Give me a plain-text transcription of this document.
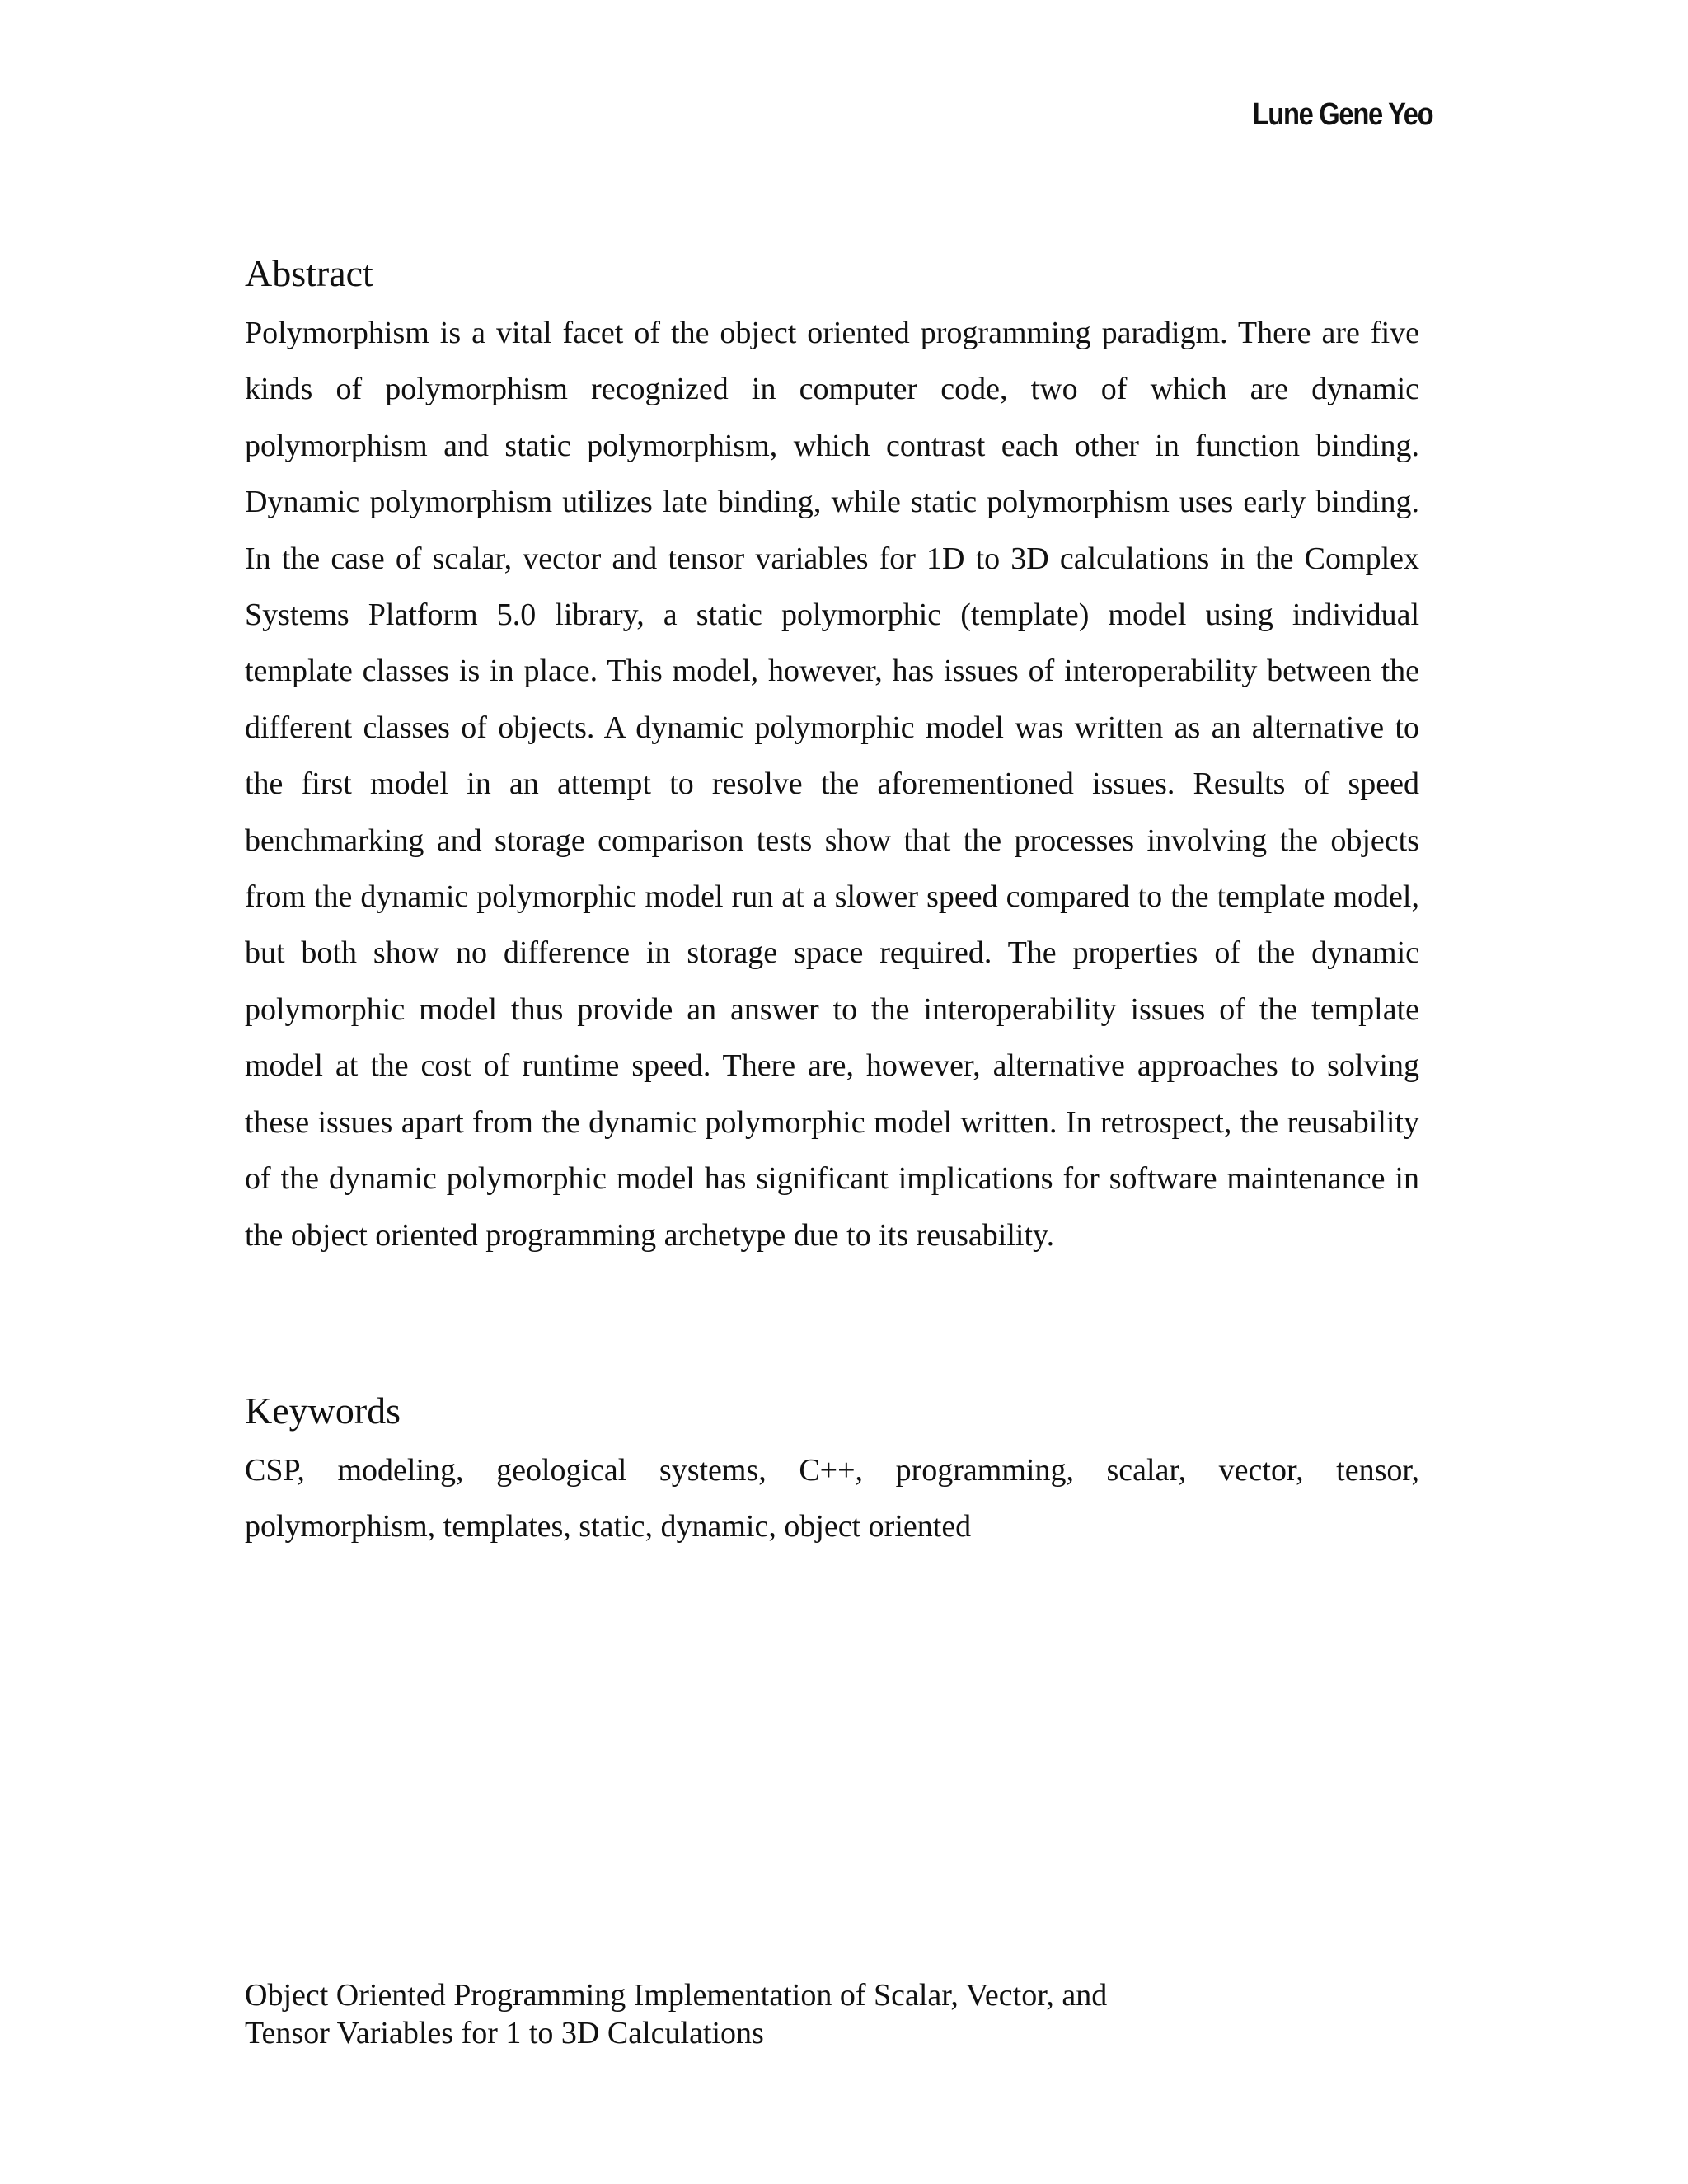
Lune Gene Yeo
Abstract

Polymorphism is a vital facet of the object oriented programming paradigm. There are five kinds of polymorphism recognized in computer code, two of which are dynamic polymorphism and static polymorphism, which contrast each other in function binding. Dynamic polymorphism utilizes late binding, while static polymorphism uses early binding. In the case of scalar, vector and tensor variables for 1D to 3D calculations in the Complex Systems Platform 5.0 library, a static polymorphic (template) model using individual template classes is in place. This model, however, has issues of interoperability between the different classes of objects. A dynamic polymorphic model was written as an alternative to the first model in an attempt to resolve the aforementioned issues. Results of speed benchmarking and storage comparison tests show that the processes involving the objects from the dynamic polymorphic model run at a slower speed compared to the template model, but both show no difference in storage space required. The properties of the dynamic polymorphic model thus provide an answer to the interoperability issues of the template model at the cost of runtime speed. There are, however, alternative approaches to solving these issues apart from the dynamic polymorphic model written. In retrospect, the reusability of the dynamic polymorphic model has significant implications for software maintenance in the object oriented programming archetype due to its reusability.

Keywords

CSP, modeling, geological systems, C++, programming, scalar, vector, tensor, polymorphism, templates, static, dynamic, object oriented

Object Oriented Programming Implementation of Scalar, Vector, and
Tensor Variables for 1 to 3D Calculations
